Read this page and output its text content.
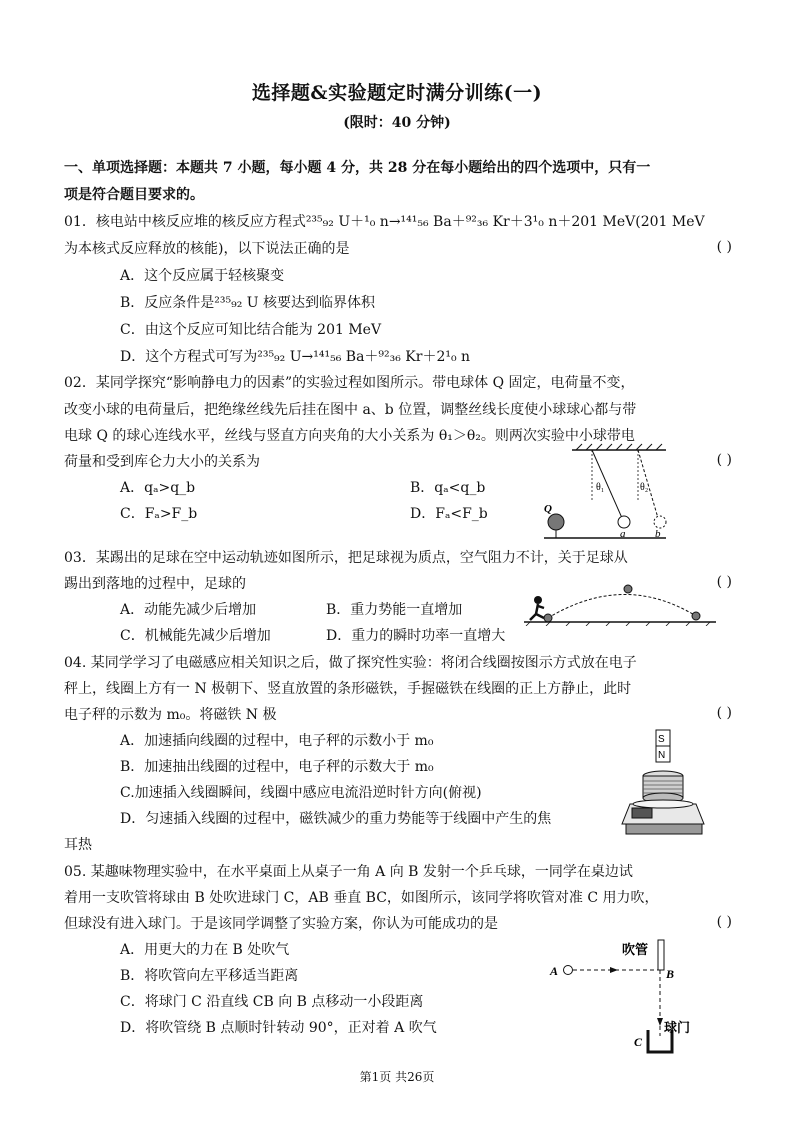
选择题&实验题定时满分训练(一)
(限时：40 分钟)
一、单项选择题：本题共 7 小题，每小题 4 分，共 28 分在每小题给出的四个选项中，只有一
项是符合题目要求的。
01．核电站中核反应堆的核反应方程式²³⁵₉₂ U＋¹₀ n→¹⁴¹₅₆ Ba＋⁹²₃₆ Kr＋3¹₀ n＋201 MeV(201 MeV
为本核式反应释放的核能)，以下说法正确的是	( )
A．这个反应属于轻核聚变
B．反应条件是²³⁵₉₂ U 核要达到临界体积
C．由这个反应可知比结合能为 201 MeV
D．这个方程式可写为²³⁵₉₂ U→¹⁴¹₅₆ Ba＋⁹²₃₆ Kr＋2¹₀ n
02．某同学探究“影响静电力的因素”的实验过程如图所示。带电球体 Q 固定，电荷量不变，
改变小球的电荷量后，把绝缘丝线先后挂在图中 a、b 位置，调整丝线长度使小球球心都与带
电球 Q 的球心连线水平，丝线与竖直方向夹角的大小关系为 θ₁＞θ₂。则两次实验中小球带电
荷量和受到库仑力大小的关系为	( )
A．qₐ>q_b	B．qₐ<q_b
C．Fₐ>F_b	D．Fₐ<F_b	Q
θ₁	θ₂
a	b
03．某踢出的足球在空中运动轨迹如图所示，把足球视为质点，空气阻力不计，关于足球从
踢出到落地的过程中，足球的	( )
A．动能先减少后增加	B．重力势能一直增加
C．机械能先减少后增加	D．重力的瞬时功率一直增大
04. 某同学学习了电磁感应相关知识之后，做了探究性实验：将闭合线圈按图示方式放在电子
秤上，线圈上方有一 N 极朝下、竖直放置的条形磁铁，手握磁铁在线圈的正上方静止，此时
电子秤的示数为 m₀。将磁铁 N 极	( )
A．加速插向线圈的过程中，电子秤的示数小于 m₀
B．加速抽出线圈的过程中，电子秤的示数大于 m₀
C.加速插入线圈瞬间，线圈中感应电流沿逆时针方向(俯视)
D．匀速插入线圈的过程中，磁铁减少的重力势能等于线圈中产生的焦
耳热
S
N
05. 某趣味物理实验中，在水平桌面上从桌子一角 A 向 B 发射一个乒乓球，一同学在桌边试
着用一支吹管将球由 B 处吹进球门 C，AB 垂直 BC，如图所示，该同学将吹管对准 C 用力吹，
但球没有进入球门。于是该同学调整了实验方案，你认为可能成功的是	( )
A．用更大的力在 B 处吹气
B．将吹管向左平移适当距离
C．将球门 C 沿直线 CB 向 B 点移动一小段距离
D．将吹管绕 B 点顺时针转动 90°，正对着 A 吹气
吹管
A	B
C
球门
第1页 共26页
